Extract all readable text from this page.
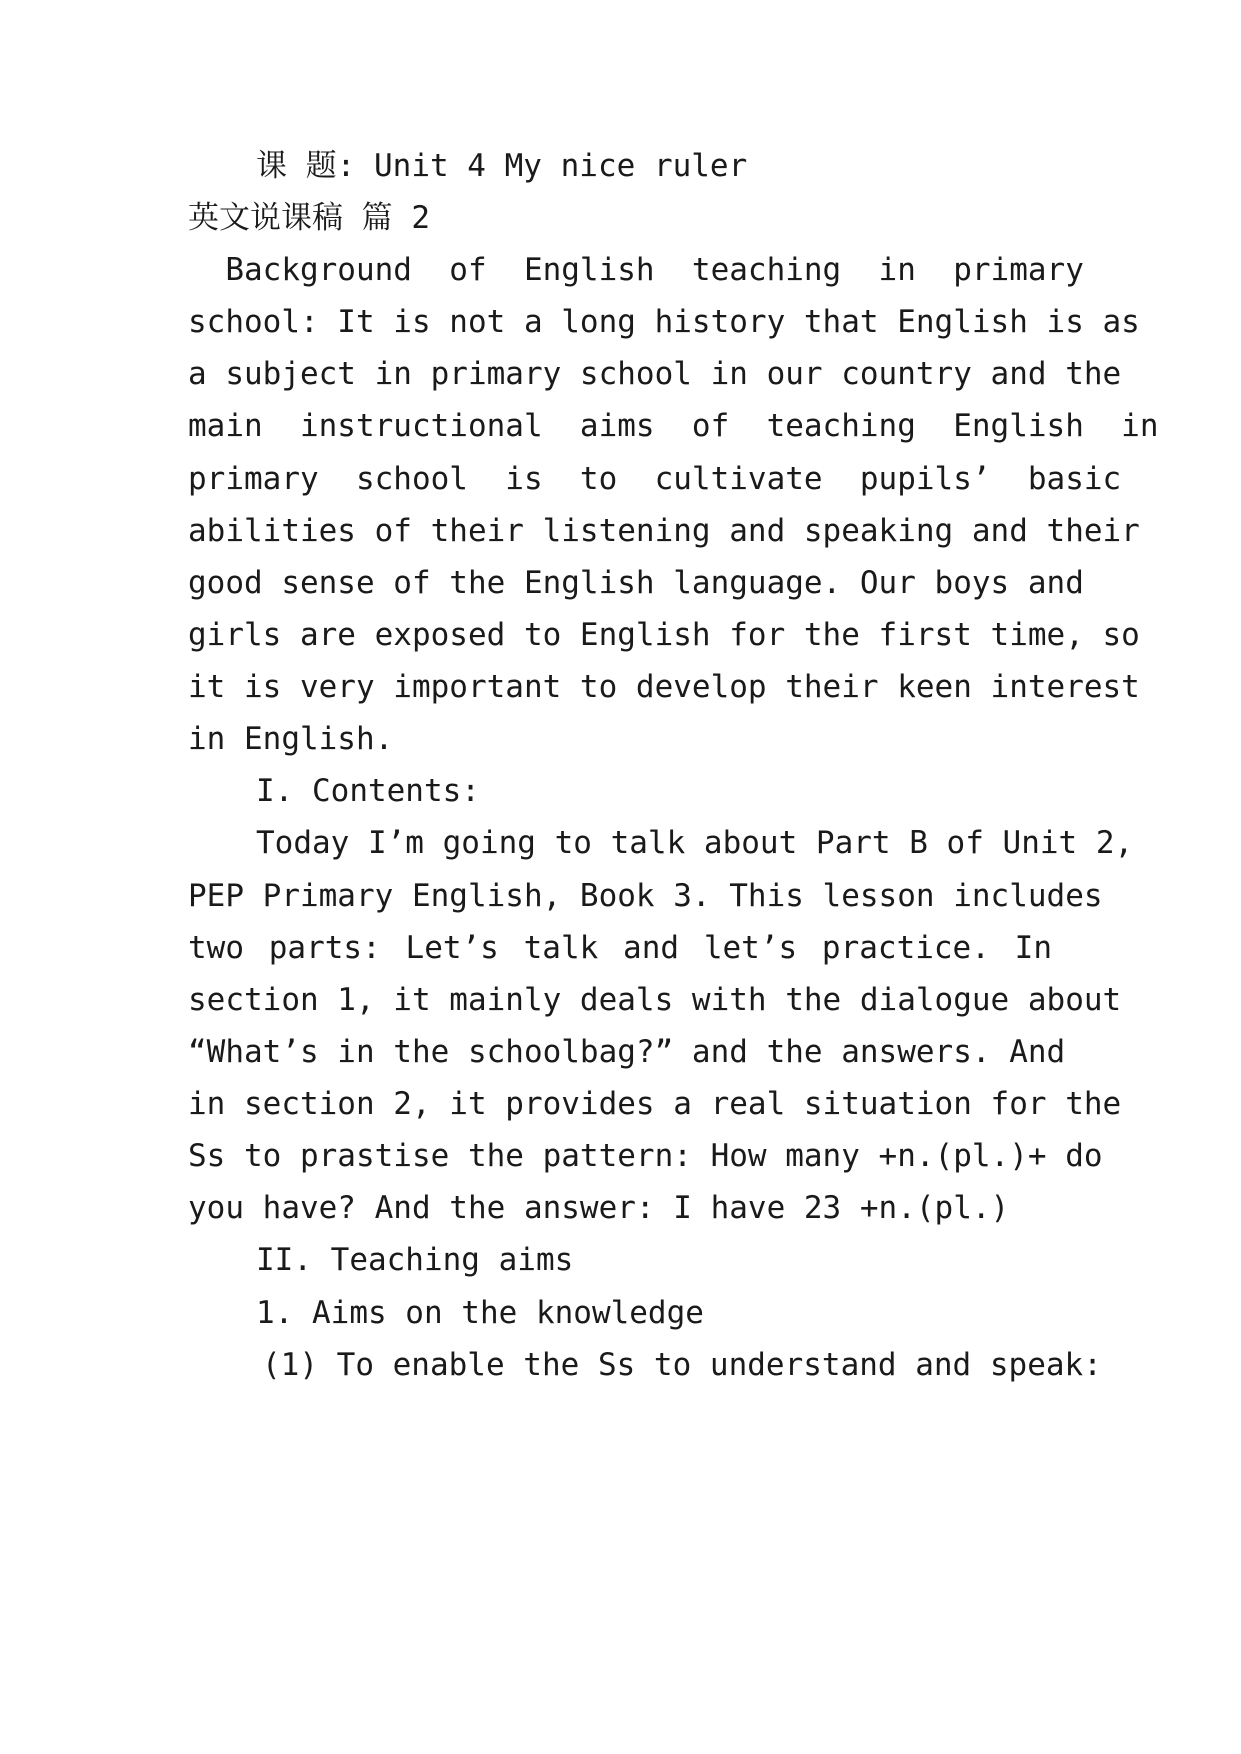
课 题: Unit 4 My nice ruler
英文说课稿 篇 2
Background  of  English  teaching  in  primary
school: It is not a long history that English is as
a subject in primary school in our country and the
main  instructional  aims  of  teaching  English  in
primary  school  is  to  cultivate  pupils’  basic
abilities of their listening and speaking and their
good sense of the English language. Our boys and
girls are exposed to English for the first time, so
it is very important to develop their keen interest
in English.
I. Contents:
Today I’m going to talk about Part B of Unit 2,
PEP Primary English, Book 3. This lesson includes
two parts: Let’s talk and let’s practice. In
section 1, it mainly deals with the dialogue about
“What’s in the schoolbag?” and the answers. And
in section 2, it provides a real situation for the
Ss to prastise the pattern: How many +n.(pl.)+ do
you have? And the answer: I have 23 +n.(pl.)
II. Teaching aims
1. Aims on the knowledge
(1) To enable the Ss to understand and speak:
